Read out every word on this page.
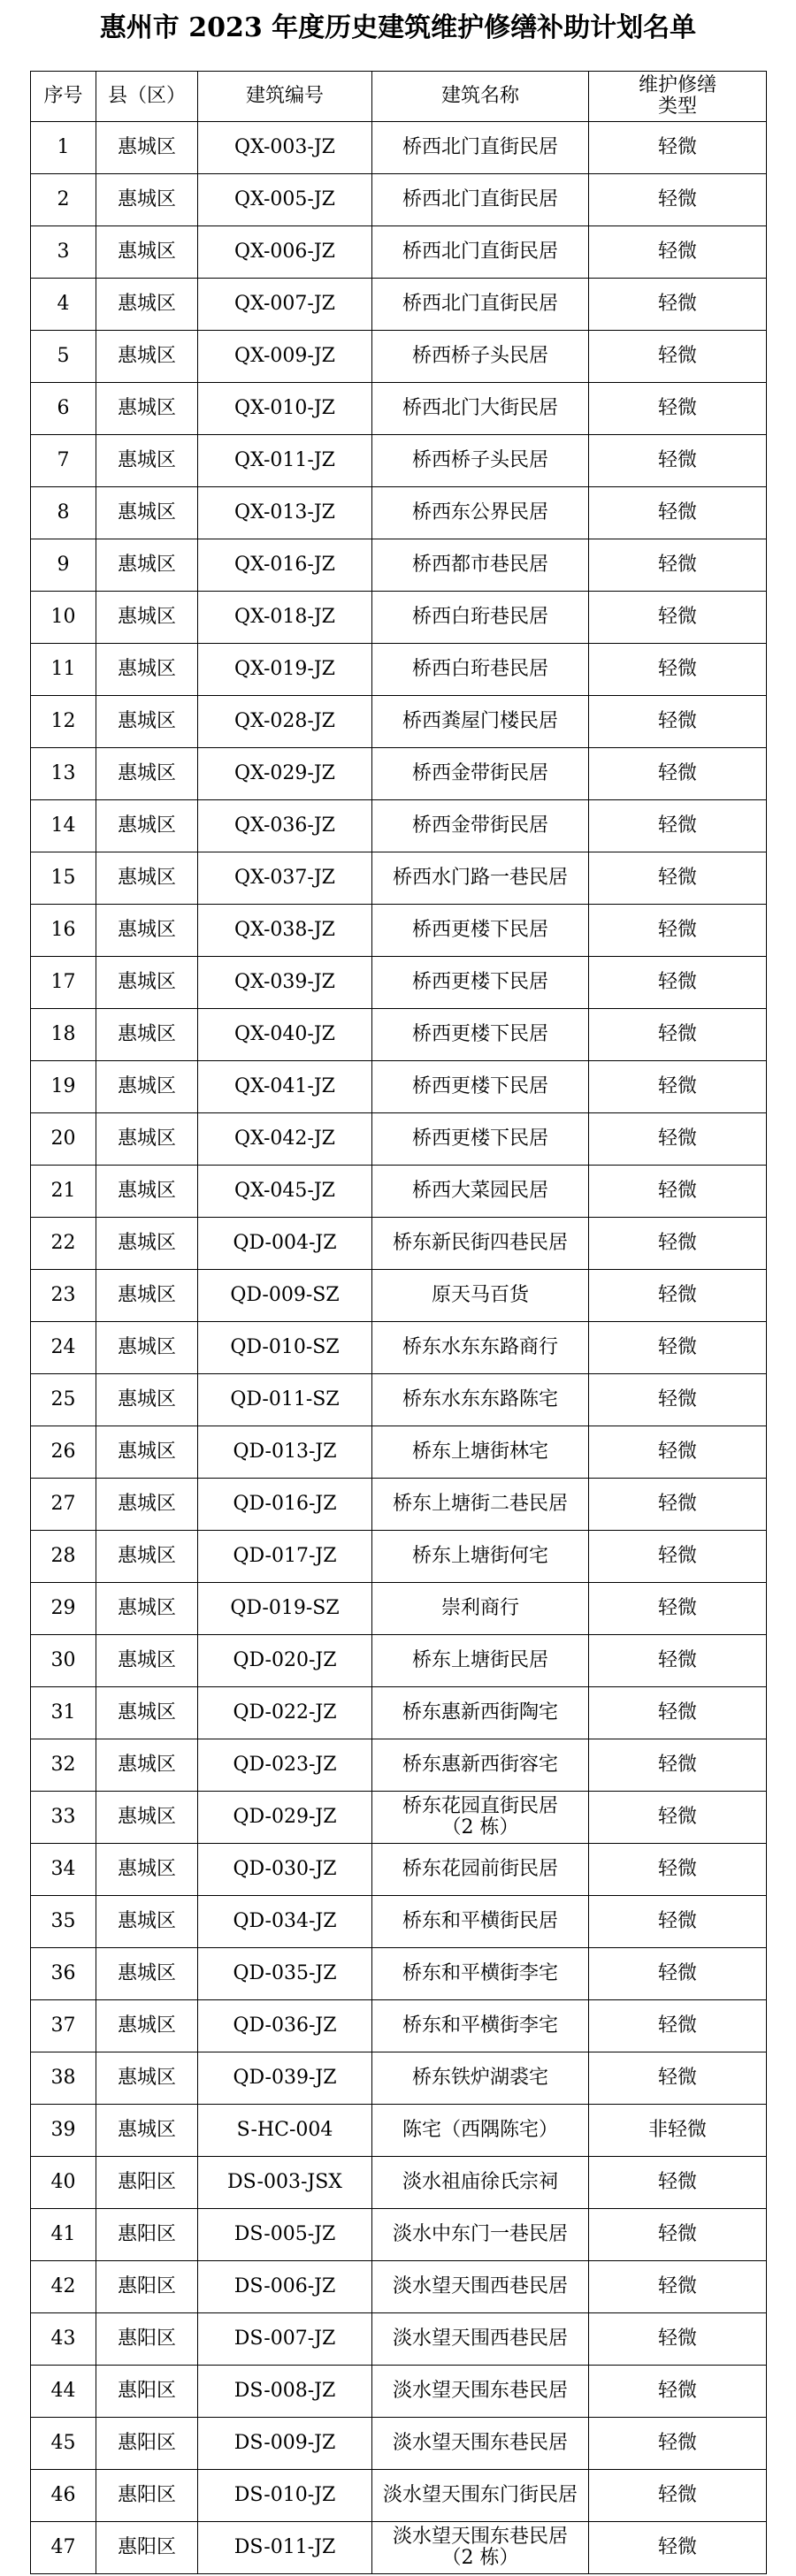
惠州市 2023 年度历史建筑维护修缮补助计划名单
序号	县（区）	建筑编号	建筑名称	维护修缮
类型
1	惠城区	QX-003-JZ	桥西北门直街民居	轻微
2	惠城区	QX-005-JZ	桥西北门直街民居	轻微
3	惠城区	QX-006-JZ	桥西北门直街民居	轻微
4	惠城区	QX-007-JZ	桥西北门直街民居	轻微
5	惠城区	QX-009-JZ	桥西桥子头民居	轻微
6	惠城区	QX-010-JZ	桥西北门大街民居	轻微
7	惠城区	QX-011-JZ	桥西桥子头民居	轻微
8	惠城区	QX-013-JZ	桥西东公界民居	轻微
9	惠城区	QX-016-JZ	桥西都市巷民居	轻微
10	惠城区	QX-018-JZ	桥西白珩巷民居	轻微
11	惠城区	QX-019-JZ	桥西白珩巷民居	轻微
12	惠城区	QX-028-JZ	桥西粪屋门楼民居	轻微
13	惠城区	QX-029-JZ	桥西金带街民居	轻微
14	惠城区	QX-036-JZ	桥西金带街民居	轻微
15	惠城区	QX-037-JZ	桥西水门路一巷民居	轻微
16	惠城区	QX-038-JZ	桥西更楼下民居	轻微
17	惠城区	QX-039-JZ	桥西更楼下民居	轻微
18	惠城区	QX-040-JZ	桥西更楼下民居	轻微
19	惠城区	QX-041-JZ	桥西更楼下民居	轻微
20	惠城区	QX-042-JZ	桥西更楼下民居	轻微
21	惠城区	QX-045-JZ	桥西大菜园民居	轻微
22	惠城区	QD-004-JZ	桥东新民街四巷民居	轻微
23	惠城区	QD-009-SZ	原天马百货	轻微
24	惠城区	QD-010-SZ	桥东水东东路商行	轻微
25	惠城区	QD-011-SZ	桥东水东东路陈宅	轻微
26	惠城区	QD-013-JZ	桥东上塘街林宅	轻微
27	惠城区	QD-016-JZ	桥东上塘街二巷民居	轻微
28	惠城区	QD-017-JZ	桥东上塘街何宅	轻微
29	惠城区	QD-019-SZ	崇利商行	轻微
30	惠城区	QD-020-JZ	桥东上塘街民居	轻微
31	惠城区	QD-022-JZ	桥东惠新西街陶宅	轻微
32	惠城区	QD-023-JZ	桥东惠新西街容宅	轻微
33	惠城区	QD-029-JZ	桥东花园直街民居
（2 栋）	轻微
34	惠城区	QD-030-JZ	桥东花园前街民居	轻微
35	惠城区	QD-034-JZ	桥东和平横街民居	轻微
36	惠城区	QD-035-JZ	桥东和平横街李宅	轻微
37	惠城区	QD-036-JZ	桥东和平横街李宅	轻微
38	惠城区	QD-039-JZ	桥东铁炉湖裘宅	轻微
39	惠城区	S-HC-004	陈宅（西隅陈宅）	非轻微
40	惠阳区	DS-003-JSX	淡水祖庙徐氏宗祠	轻微
41	惠阳区	DS-005-JZ	淡水中东门一巷民居	轻微
42	惠阳区	DS-006-JZ	淡水望天围西巷民居	轻微
43	惠阳区	DS-007-JZ	淡水望天围西巷民居	轻微
44	惠阳区	DS-008-JZ	淡水望天围东巷民居	轻微
45	惠阳区	DS-009-JZ	淡水望天围东巷民居	轻微
46	惠阳区	DS-010-JZ	淡水望天围东门街民居	轻微
47	惠阳区	DS-011-JZ	淡水望天围东巷民居
（2 栋）	轻微
